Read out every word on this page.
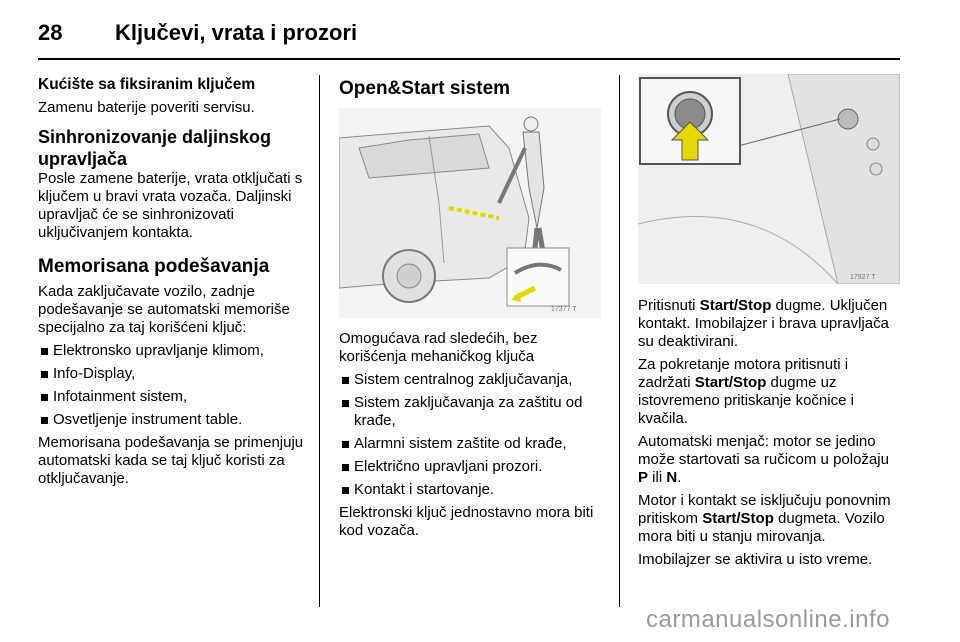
28 Ključevi, vrata i prozori

Kućište sa fiksiranim ključem

Zamenu baterije poveriti servisu.

Sinhronizovanje daljinskog
upravljača

Posle zamene baterije, vrata otključati s ključem u bravi vrata vozača. Daljinski upravljač će se sinhronizovati uključivanjem kontakta.

Memorisana podešavanja

Kada zaključavate vozilo, zadnje podešavanje se automatski memoriše specijalno za taj korišćeni ključ:

Elektronsko upravljanje klimom,
Info-Display,
Infotainment sistem,
Osvetljenje instrument table.

Memorisana podešavanja se primenjuju automatski kada se taj ključ koristi za otključavanje.

Open&Start sistem

17377 T

Omogućava rad sledećih, bez korišćenja mehaničkog ključa

Sistem centralnog zaključavanja,
Sistem zaključavanja za zaštitu od krađe,
Alarmni sistem zaštite od krađe,
Električno upravljani prozori.
Kontakt i startovanje.

Elektronski ključ jednostavno mora biti kod vozača.

17927 T

Pritisnuti Start/Stop dugme. Uključen kontakt. Imobilajzer i brava upravljača su deaktivirani.

Za pokretanje motora pritisnuti i zadržati Start/Stop dugme uz istovremeno pritiskanje kočnice i kvačila.

Automatski menjač: motor se jedino može startovati sa ručicom u položaju P ili N.

Motor i kontakt se isključuju ponovnim pritiskom Start/Stop dugmeta. Vozilo mora biti u stanju mirovanja.

Imobilajzer se aktivira u isto vreme.

carmanualsonline.info
